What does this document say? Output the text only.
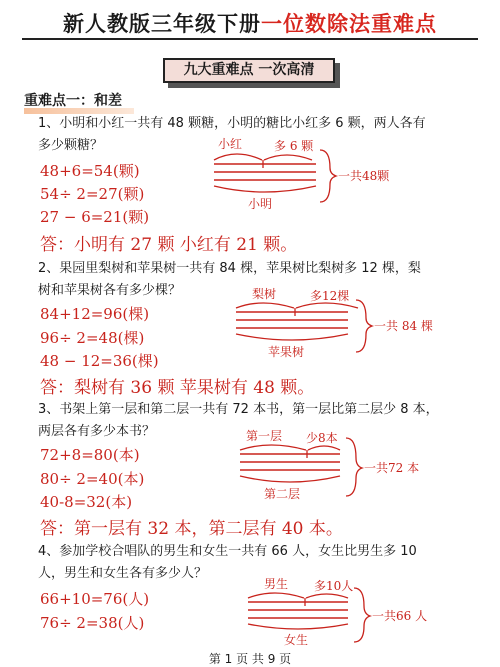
新人教版三年级下册一位数除法重难点
九大重难点 一次高清
重难点一：和差
1、小明和小红一共有 48 颗糖，小明的糖比小红多 6 颗，两人各有
多少颗糖？
48+6=54(颗)
54÷ 2=27(颗)
27 − 6=21(颗)
答：小明有 27 颗 小红有 21 颗。
小红	多 6 颗
小明
一共48颗
2、果园里梨树和苹果树一共有 84 棵，苹果树比梨树多 12 棵，梨
树和苹果树各有多少棵？
84+12=96(棵)
96÷ 2=48(棵)
48 − 12=36(棵)
答：梨树有 36 颗 苹果树有 48 颗。
梨树	多12棵
苹果树
一共 84 棵
3、书架上第一层和第二层一共有 72 本书，第一层比第二层少 8 本，
两层各有多少本书？
72+8=80(本)
80÷ 2=40(本)
40-8=32(本)
答：第一层有 32 本，第二层有 40 本。
第一层 少8本
第二层
一共72 本
4、参加学校合唱队的男生和女生一共有 66 人，女生比男生多 10
人，男生和女生各有多少人？
66+10=76(人)
76÷ 2=38(人)
男生 多10人
女生
一共66 人
第 1 页 共 9 页
